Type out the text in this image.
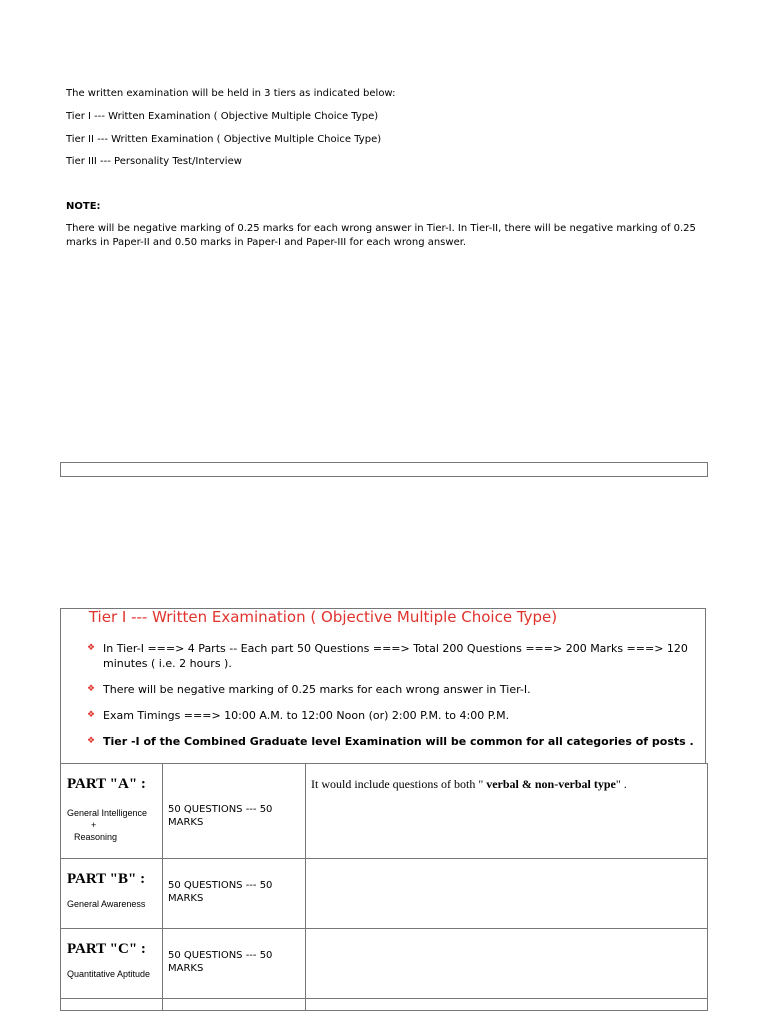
The written examination will be held in 3 tiers as indicated below:

Tier I --- Written Examination ( Objective Multiple Choice Type)

Tier II --- Written Examination ( Objective Multiple Choice Type)

Tier III --- Personality Test/Interview

NOTE:

There will be negative marking of 0.25 marks for each wrong answer in Tier-I. In Tier-II, there will be negative marking of 0.25 marks in Paper-II and 0.50 marks in Paper-I and Paper-III for each wrong answer.

Tier I --- Written Examination ( Objective Multiple Choice Type)
❖ In Tier-I ===> 4 Parts -- Each part 50 Questions ===> Total 200 Questions ===> 200 Marks ===> 120 minutes ( i.e. 2 hours ).
❖ There will be negative marking of 0.25 marks for each wrong answer in Tier-I.
❖ Exam Timings ===> 10:00 A.M. to 12:00 Noon (or) 2:00 P.M. to 4:00 P.M.
❖ Tier -I of the Combined Graduate level Examination will be common for all categories of posts .
PART "A" :
General Intelligence
+
Reasoning	50 QUESTIONS --- 50 MARKS	It would include questions of both " verbal & non-verbal type" .

PART "B" :
General Awareness	50 QUESTIONS --- 50 MARKS	

PART "C" :
Quantitative Aptitude	50 QUESTIONS --- 50 MARKS	
